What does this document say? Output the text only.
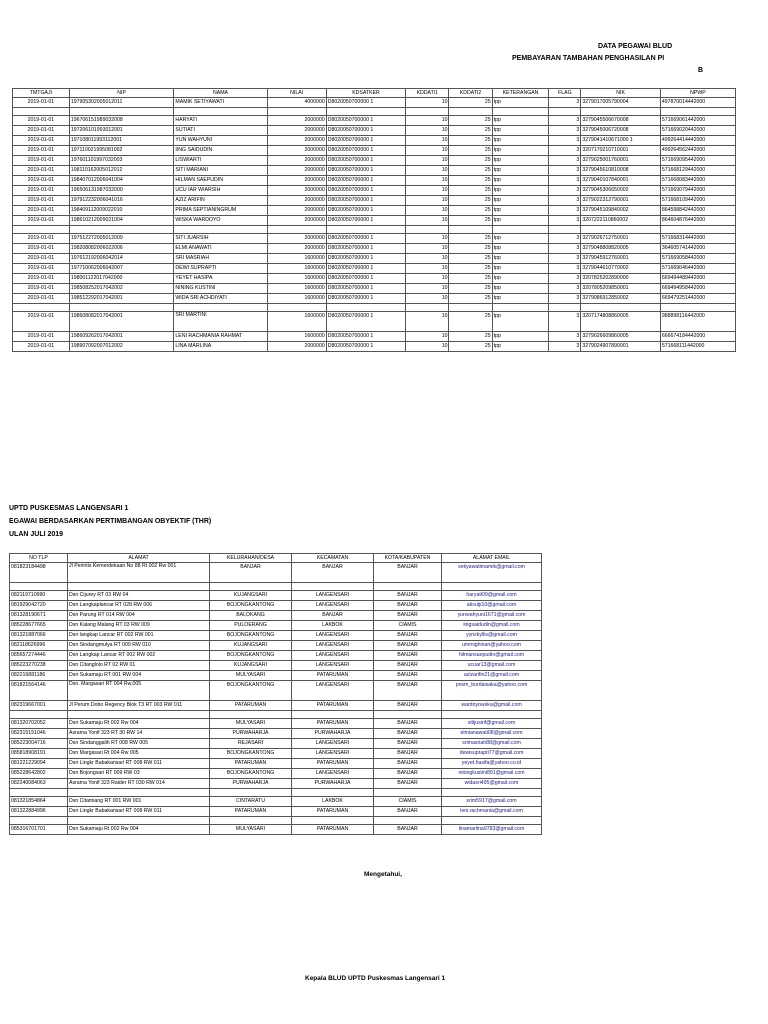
DATA PEGAWAI BLUD
PEMBAYARAN TAMBAHAN PENGHASILAN PI
B
TMTGAJI	NIP	NAMA	NILAI	KDSATKER	KDDATI1	KDDATI2	KETERANGAN	FLAG	NIK	NPWP
2019-01-01	197905302005012011	MAMIK SETIYAWATI	4000000	D8020050700000 1	10	25	tpp	3	3279017005790004	497870014442000

2019-01-01	196706151989032008	HARYATI	2000000	D8020050700000 1	10	25	tpp	3	3279045506670008	571669061442000
2019-01-01	197206101993012001	SUTIATI	2000000	D8020050700000 1	10	25	tpp	3	3279045006720008	571669020442000
2019-01-01	197108011993112001	YUN WAHYUNI	2000000	D8020050700000 1	10	25	tpp	3	3279041410671000 1	499264414442000
2019-01-01	197110021995081002	IING SAIDUDIN	2000000	D8020050700000 1	10	25	tpp	3	3207170210710001	499264562442000
2019-01-01	197601101997032003	LISWIARTI	2000000	D8020050700000 1	10	25	tpp	3	3279025001760001	571669095442000
2019-01-01	198110162005012012	SITI MARIANI	2000000	D8020050700000 1	10	25	tpp	3	3279045610810008	571668129442000
2019-01-01	198407012006041004	HILMAN SAEPUDIN	2000000	D8020050700000 1	10	25	tpp	3	3279040107840001	571668083442000
2019-01-01	196506131987032000	UCU IAR WIARSIH	2000000	D8020050700000 1	10	25	tpp	3	3279045306650002	571669079442000
2019-01-01	197912232006041016	AZIZ ARIFIN	2000000	D8020050700000 1	10	25	tpp	3	3279022312790001	571668109442000
2019-01-01	198409112009022010	PRIMA SEPTIANINGRUM	2000000	D8020050700000 1	10	25	tpp	3	3279045109840002	864598842442000
2019-01-01	198610212009021004	WISKA WARDOYO	2000000	D8020050700000 1	10	25	tpp	3	3207222110860002	864604876442000

2019-01-01	197512272005012009	SITI JUARSIH	2000000	D8020050700000 1	10	25	tpp	3	3279026712750001	571668314442000
2019-01-01	198208082006022006	ELMI ANAWATI	2000000	D8020050700000 1	10	25	tpp	3	3279048808820005	364605741442000
2019-01-01	197612192006042014	SRI MASRIAH	1600000	D8020050700000 1	10	25	tpp	3	3279045912760001	571669058442000
2019-01-01	197710062006042007	DEWI SUPRAPTI	1600000	D8020050700000 1	10	25	tpp	3	3279044610770002	571669046442000
2019-01-01	198001122017042000	YEYET HASIPA	1600000	D8020050700000 1	10	25	tpp	3	3207825202890000	669494489442000
2019-01-01	198508252017042002	NINING KUSTINI	1600000	D8020050700000 1	10	25	tpp	3	3207805209850001	669494958442000
2019-01-01	198512292017042001	WIDA SRI ACHDIYATI	1600000	D8020050700000 1	10	25	tpp	3	3279086912850002	669479251442000

2019-01-01	198608082017042001	SRI MARTINI	1600000	D8020050700000 1	10	25	tpp	3	3207174808860005	988898116442000
2019-01-01	198609262017042001	LENI RACHMANIA RAHMAT	1600000	D8020050700000 1	10	25	tpp	3	3279026609860005	666674184442000
2019-01-01	198907092007012002	LINA MARLINA	2000000	D8020050700000 1	10	25	tpp	3	3279024907890001	571668111442000
UPTD PUSKESMAS LANGENSARI 1
EGAWAI BERDASARKAN PERTIMBANGAN OBYEKTIF (THR)
ULAN JULI 2019
NO TLP	ALAMAT	KELURAHAN/DESA	KECAMATAN	KOTA/KABUPATEN	ALAMAT EMAIL
081823184498	Jl Perintis Kemerdekaan No 88 Rt 002 Rw 001	BANJAR	BANJAR	BANJAR	setiyawatimamik@gmail.com

082119710990	Dsn Cijurey RT 03 RW 04	KUJANGSARI	LANGENSARI	BANJAR	haryati09@gmail.com
081929042720	Dsn Langkaplancar RT 028 RW 006	BOJONGKANTONG	LANGENSARI	BANJAR	atisutji10@gmail.com
081328190671	Dsn Parung RT 014 RW 004	BALOKANG	BANJAR	BANJAR	yunwahyuni1671@gmail.com
085228677665	Dsn Kalang Malang RT 03 RW 009	PULOERANG	LAKBOK	CIAMIS	iingsaidudin@gmail.com
081321887066	Dsn langkap Lancar RT 002 RW 001	BOJONGKANTONG	LANGENSARI	BANJAR	yyrizkyllis@gmail.com
082118626996	Dsn Sindangmulya RT 009 RW 010	KUJANGSARI	LANGENSARI	BANJAR	ummighinan@yahoo.com
085657274446	Dsn Langkap Lancar RT 002 RW 002	BOJONGKANTONG	LANGENSARI	BANJAR	hilmansaepudin@gmail.com
085223270238	Dsn Citanglolo RT 02 RW 01	KUJANGSARI	LANGENSARI	BANJAR	ucuar13@gmail.com
082216881186	Dsn Sukamaju RT 001 RW 004	MULYASARI	PATARUMAN	BANJAR	azizarifin21@gmail.com
081821564146	Dsn. Margasari RT 004 Rw.005	BOJONGKANTONG	LANGENSARI	BANJAR	prism_burdaisaka@yahoo.com
082319667001	Jl Perum Dobo Regency Blok T3 RT 003 RW 011	PATARUMAN	PATARUMAN	BANJAR	wardoyowska@gmail.com

081320702052	Dsn Sukamaju Rt 002 Rw 004	MULYASARI	PATARUMAN	BANJAR	sitijusirif@gmail.com
082315151046	Asrama Yonif 323 RT 30 RW 14	PURWAHARJA	PURWAHARJA	BANJAR	elmianawati08@gmail.com
085223004716	Dsn Sindanggalih RT 008 RW 005	REJASARI	LANGENSARI	BANJAR	srimasriah88@gmail.com
085818908191	Dsn Margasari Rt 004 Rw 005	BOJONGKANTONG	LANGENSARI	BANJAR	dewisuprapti77@gmail.com
081221229094	Dsn Lingkr Babakansari RT 008 RW 011	PATARUMAN	PATARUMAN	BANJAR	yeyet.hasifa@yahoo.co.id
085228642802	Dsn Bojongsari RT 009 RW 03	BOJONGKANTONG	LANGENSARI	BANJAR	niningkustini891@gmail.com
082240084063	Asrama Yonif 323 Raider RT 030 RW 014	PURWAHARJA	PURWAHARJA	BANJAR	widasri495@gmail.com

081321854864	Dsn Citamiang RT 001 RW 001	CINTARATU	LAKBOK	CIAMIS	srim5917@gmail.com
081322884996	Dsn Lingkr Babakansari RT 008 RW 011	PATARUMAN	PATARUMAN	BANJAR	leni.rachmania@gmail.com

085316701701	Dsn Sukamaju Rt 002 Rw 004	MULYASARI	PATARUMAN	BANJAR	linamarlina9783@gmail.com
Mengetahui,
Kepala BLUD UPTD Puskesmas Langensari 1
